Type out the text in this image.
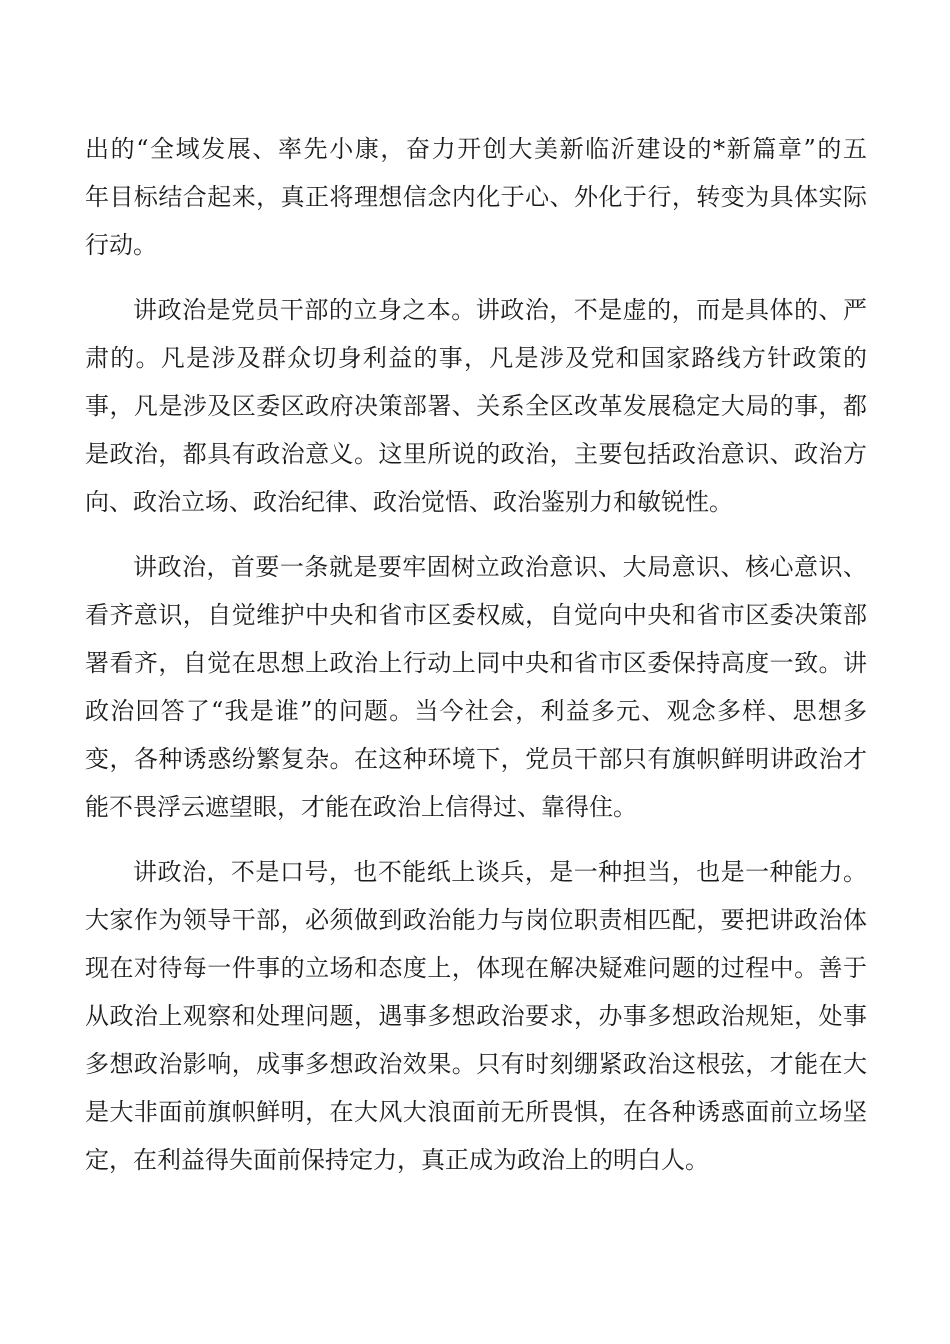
出的“全域发展、率先小康，奋力开创大美新临沂建设的*新篇章”的五
年目标结合起来，真正将理想信念内化于心、外化于行，转变为具体实际
行动。
讲政治是党员干部的立身之本。讲政治，不是虚的，而是具体的、严
肃的。凡是涉及群众切身利益的事，凡是涉及党和国家路线方针政策的
事，凡是涉及区委区政府决策部署、关系全区改革发展稳定大局的事，都
是政治，都具有政治意义。这里所说的政治，主要包括政治意识、政治方
向、政治立场、政治纪律、政治觉悟、政治鉴别力和敏锐性。
讲政治，首要一条就是要牢固树立政治意识、大局意识、核心意识、
看齐意识，自觉维护中央和省市区委权威，自觉向中央和省市区委决策部
署看齐，自觉在思想上政治上行动上同中央和省市区委保持高度一致。讲
政治回答了“我是谁”的问题。当今社会，利益多元、观念多样、思想多
变，各种诱惑纷繁复杂。在这种环境下，党员干部只有旗帜鲜明讲政治才
能不畏浮云遮望眼，才能在政治上信得过、靠得住。
讲政治，不是口号，也不能纸上谈兵，是一种担当，也是一种能力。
大家作为领导干部，必须做到政治能力与岗位职责相匹配，要把讲政治体
现在对待每一件事的立场和态度上，体现在解决疑难问题的过程中。善于
从政治上观察和处理问题，遇事多想政治要求，办事多想政治规矩，处事
多想政治影响，成事多想政治效果。只有时刻绷紧政治这根弦，才能在大
是大非面前旗帜鲜明，在大风大浪面前无所畏惧，在各种诱惑面前立场坚
定，在利益得失面前保持定力，真正成为政治上的明白人。
